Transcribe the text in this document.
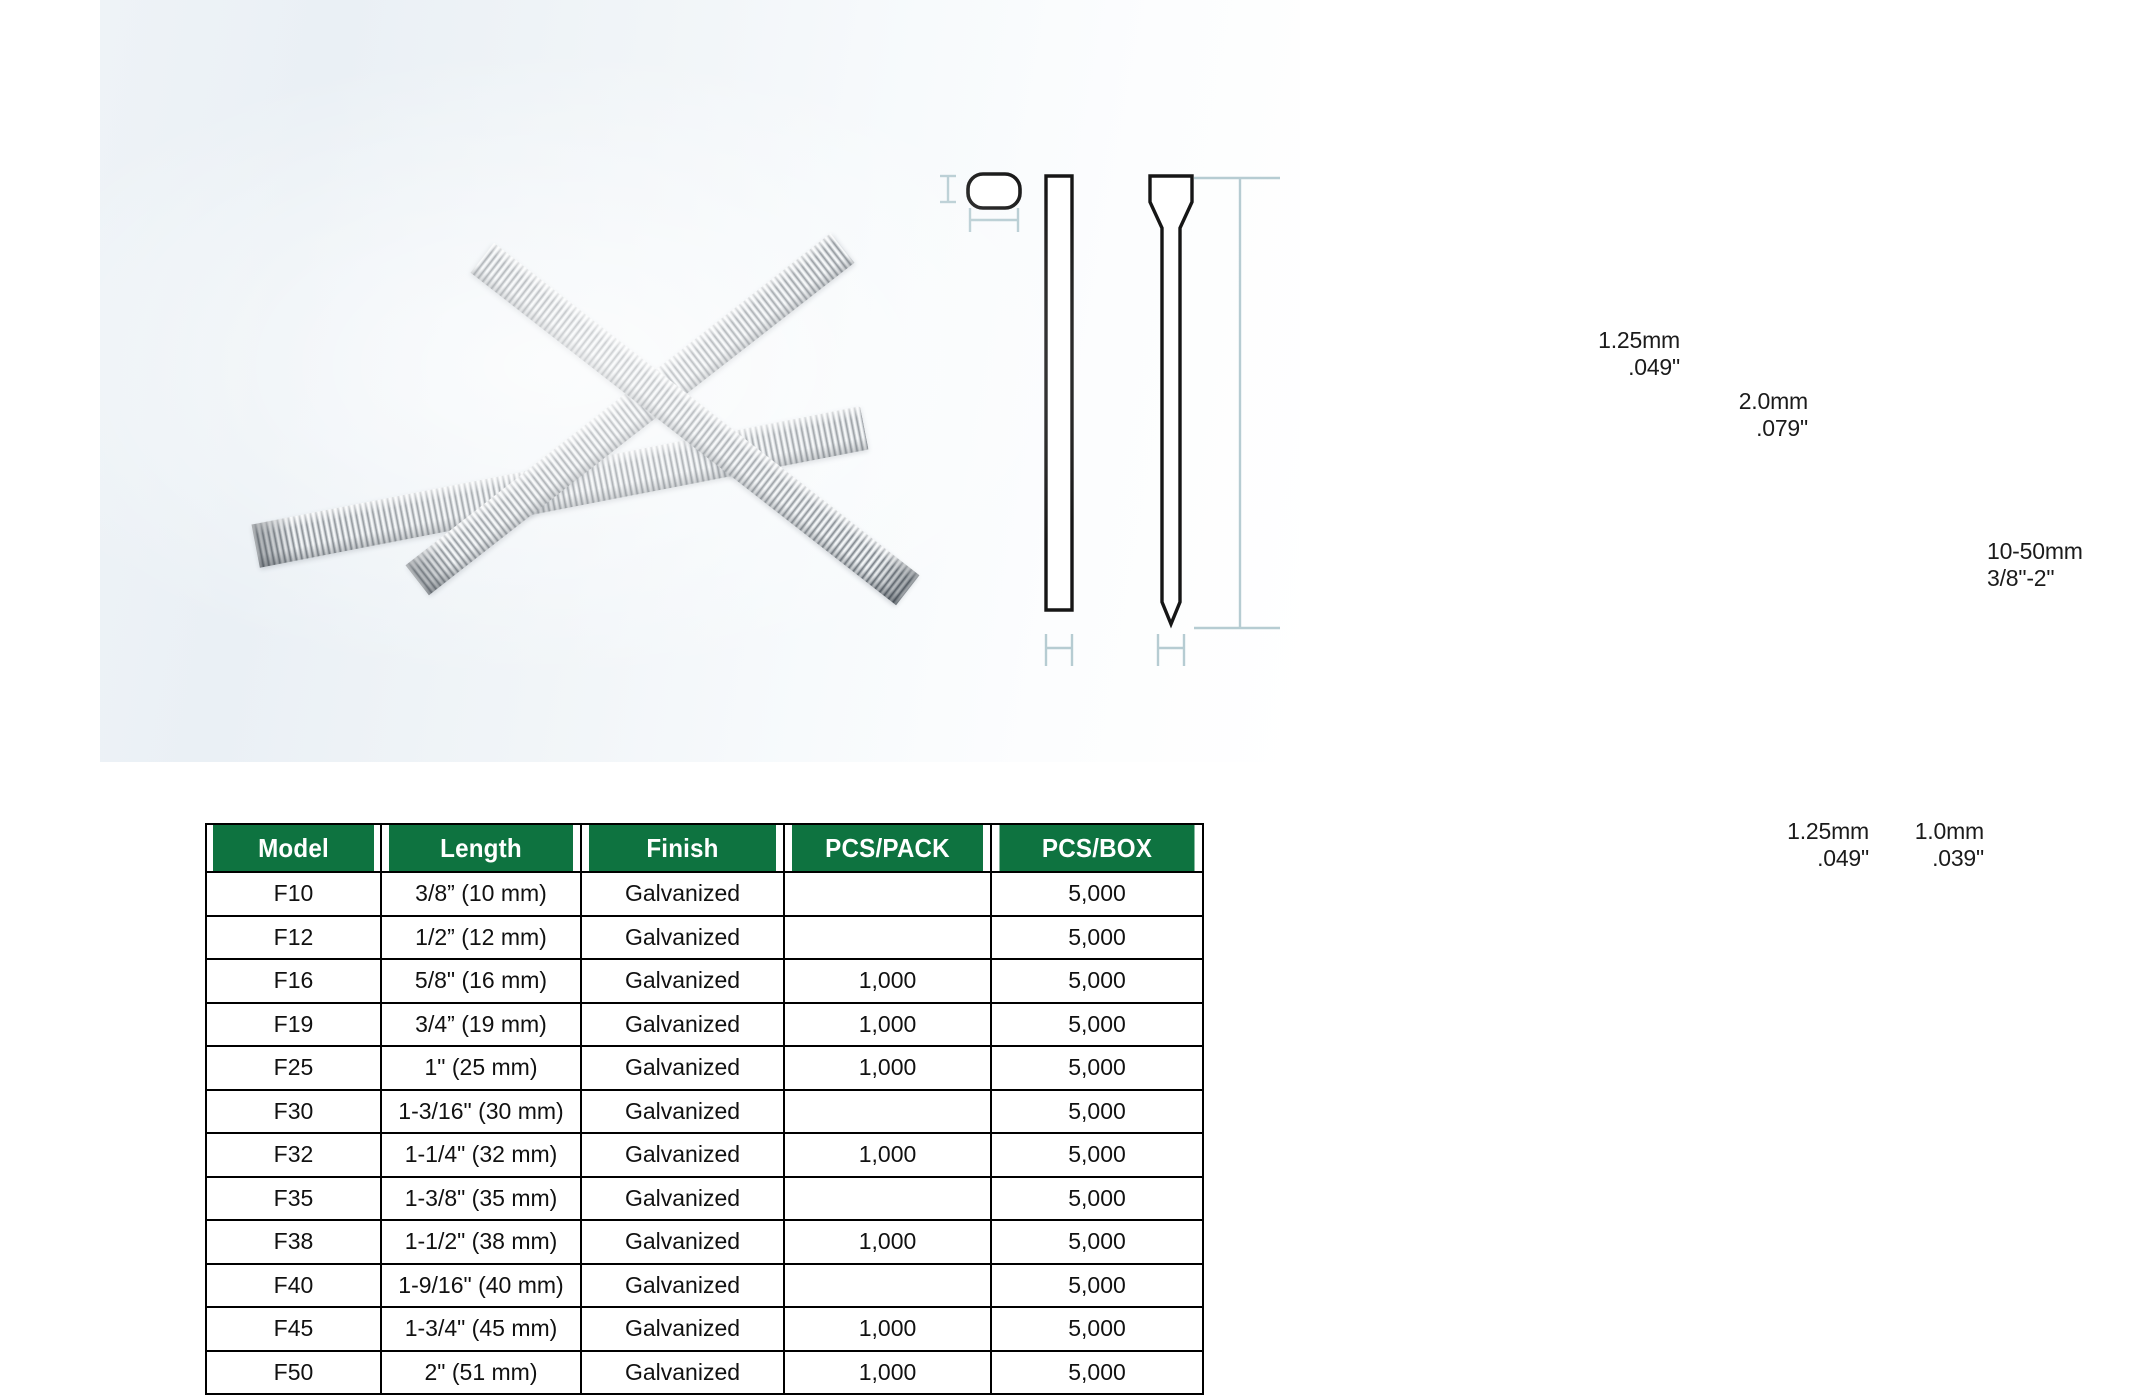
1.25mm
.049"
2.0mm
.079"
10-50mm
3/8"-2"
1.25mm
.049"
1.0mm
.039"
Model	Length	Finish	PCS/PACK	PCS/BOX
F10	3/8” (10 mm)	Galvanized		5,000
F12	1/2” (12 mm)	Galvanized		5,000
F16	5/8" (16 mm)	Galvanized	1,000	5,000
F19	3/4” (19 mm)	Galvanized	1,000	5,000
F25	1" (25 mm)	Galvanized	1,000	5,000
F30	1-3/16" (30 mm)	Galvanized		5,000
F32	1-1/4" (32 mm)	Galvanized	1,000	5,000
F35	1-3/8" (35 mm)	Galvanized		5,000
F38	1-1/2" (38 mm)	Galvanized	1,000	5,000
F40	1-9/16" (40 mm)	Galvanized		5,000
F45	1-3/4" (45 mm)	Galvanized	1,000	5,000
F50	2" (51 mm)	Galvanized	1,000	5,000
